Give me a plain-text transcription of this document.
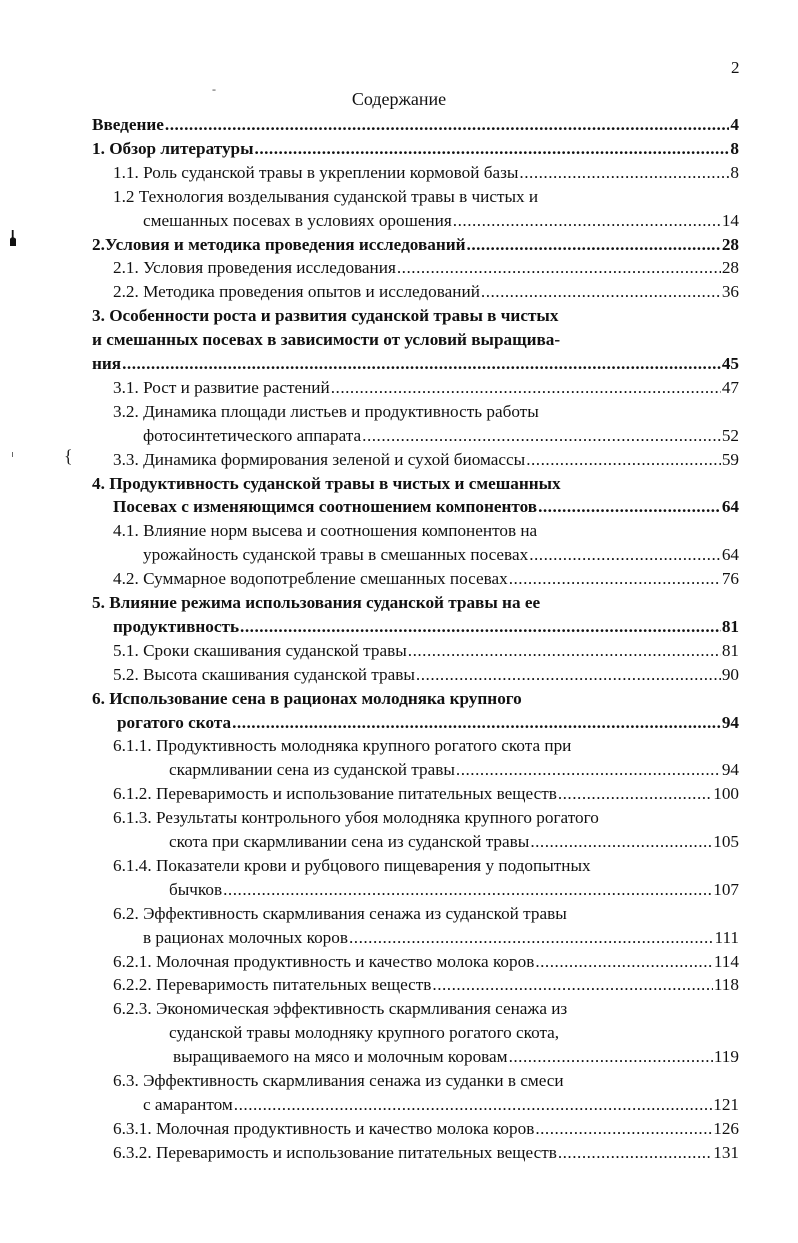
2
-	Содержание
{
Введение .....	4
1. Обзор литературы .....	8
1.1. Роль суданской травы в укреплении кормовой базы .....	8
1.2 Технология возделывания суданской травы в чистых и
смешанных посевах в условиях орошения .....	14
2.Условия и методика проведения исследований .....	28
2.1. Условия проведения исследования .....	28
2.2. Методика проведения опытов и исследований .....	36
3. Особенности роста и развития суданской травы в чистых
и смешанных посевах в зависимости от условий выращива-
ния .....	45
3.1. Рост и развитие растений .....	47
3.2. Динамика площади листьев и продуктивность работы
фотосинтетического аппарата .....	52
3.3. Динамика формирования зеленой и сухой биомассы .....	59
4. Продуктивность суданской травы в чистых и смешанных
Посевах с изменяющимся соотношением компонентов .....	64
4.1. Влияние норм высева и соотношения компонентов на
урожайность суданской травы в смешанных посевах .....	64
4.2. Суммарное водопотребление смешанных посевах .....	76
5. Влияние режима использования суданской травы на ее
продуктивность .....	81
5.1. Сроки скашивания суданской травы .....	81
5.2. Высота скашивания суданской травы .....	90
6. Использование сена в рационах молодняка крупного
рогатого скота .....	94
6.1.1. Продуктивность молодняка крупного рогатого скота при
скармливании сена из суданской травы .....	94
6.1.2. Переваримость и использование питательных веществ .....	100
6.1.3. Результаты контрольного убоя молодняка крупного рогатого
скота при скармливании сена из суданской травы .....	105
6.1.4. Показатели крови и рубцового пищеварения у подопытных
бычков .....	107
6.2. Эффективность скармливания сенажа из суданской травы
в рационах молочных коров .....	111
6.2.1. Молочная продуктивность и качество молока коров .....	114
6.2.2. Переваримость питательных веществ .....	118
6.2.3. Экономическая эффективность скармливания сенажа из
суданской травы молодняку крупного рогатого скота,
выращиваемого на мясо и молочным коровам .....	119
6.3. Эффективность скармливания сенажа из суданки в смеси
с амарантом .....	121
6.3.1. Молочная продуктивность и качество молока коров .....	126
6.3.2. Переваримость и использование питательных веществ .....	131
